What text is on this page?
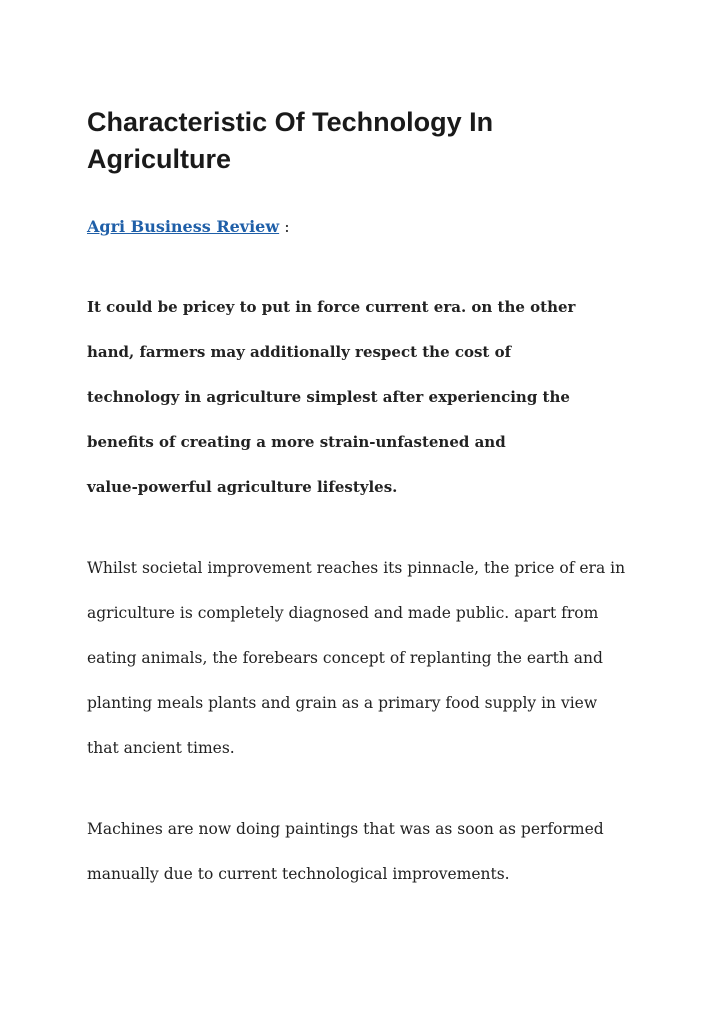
Characteristic Of Technology In
Agriculture

Agri Business Review :

It could be pricey to put in force current era. on the other
hand, farmers may additionally respect the cost of
technology in agriculture simplest after experiencing the
benefits of creating a more strain-unfastened and
value-powerful agriculture lifestyles.
Whilst societal improvement reaches its pinnacle, the price of era in
agriculture is completely diagnosed and made public. apart from
eating animals, the forebears concept of replanting the earth and
planting meals plants and grain as a primary food supply in view
that ancient times.
Machines are now doing paintings that was as soon as performed
manually due to current technological improvements.
